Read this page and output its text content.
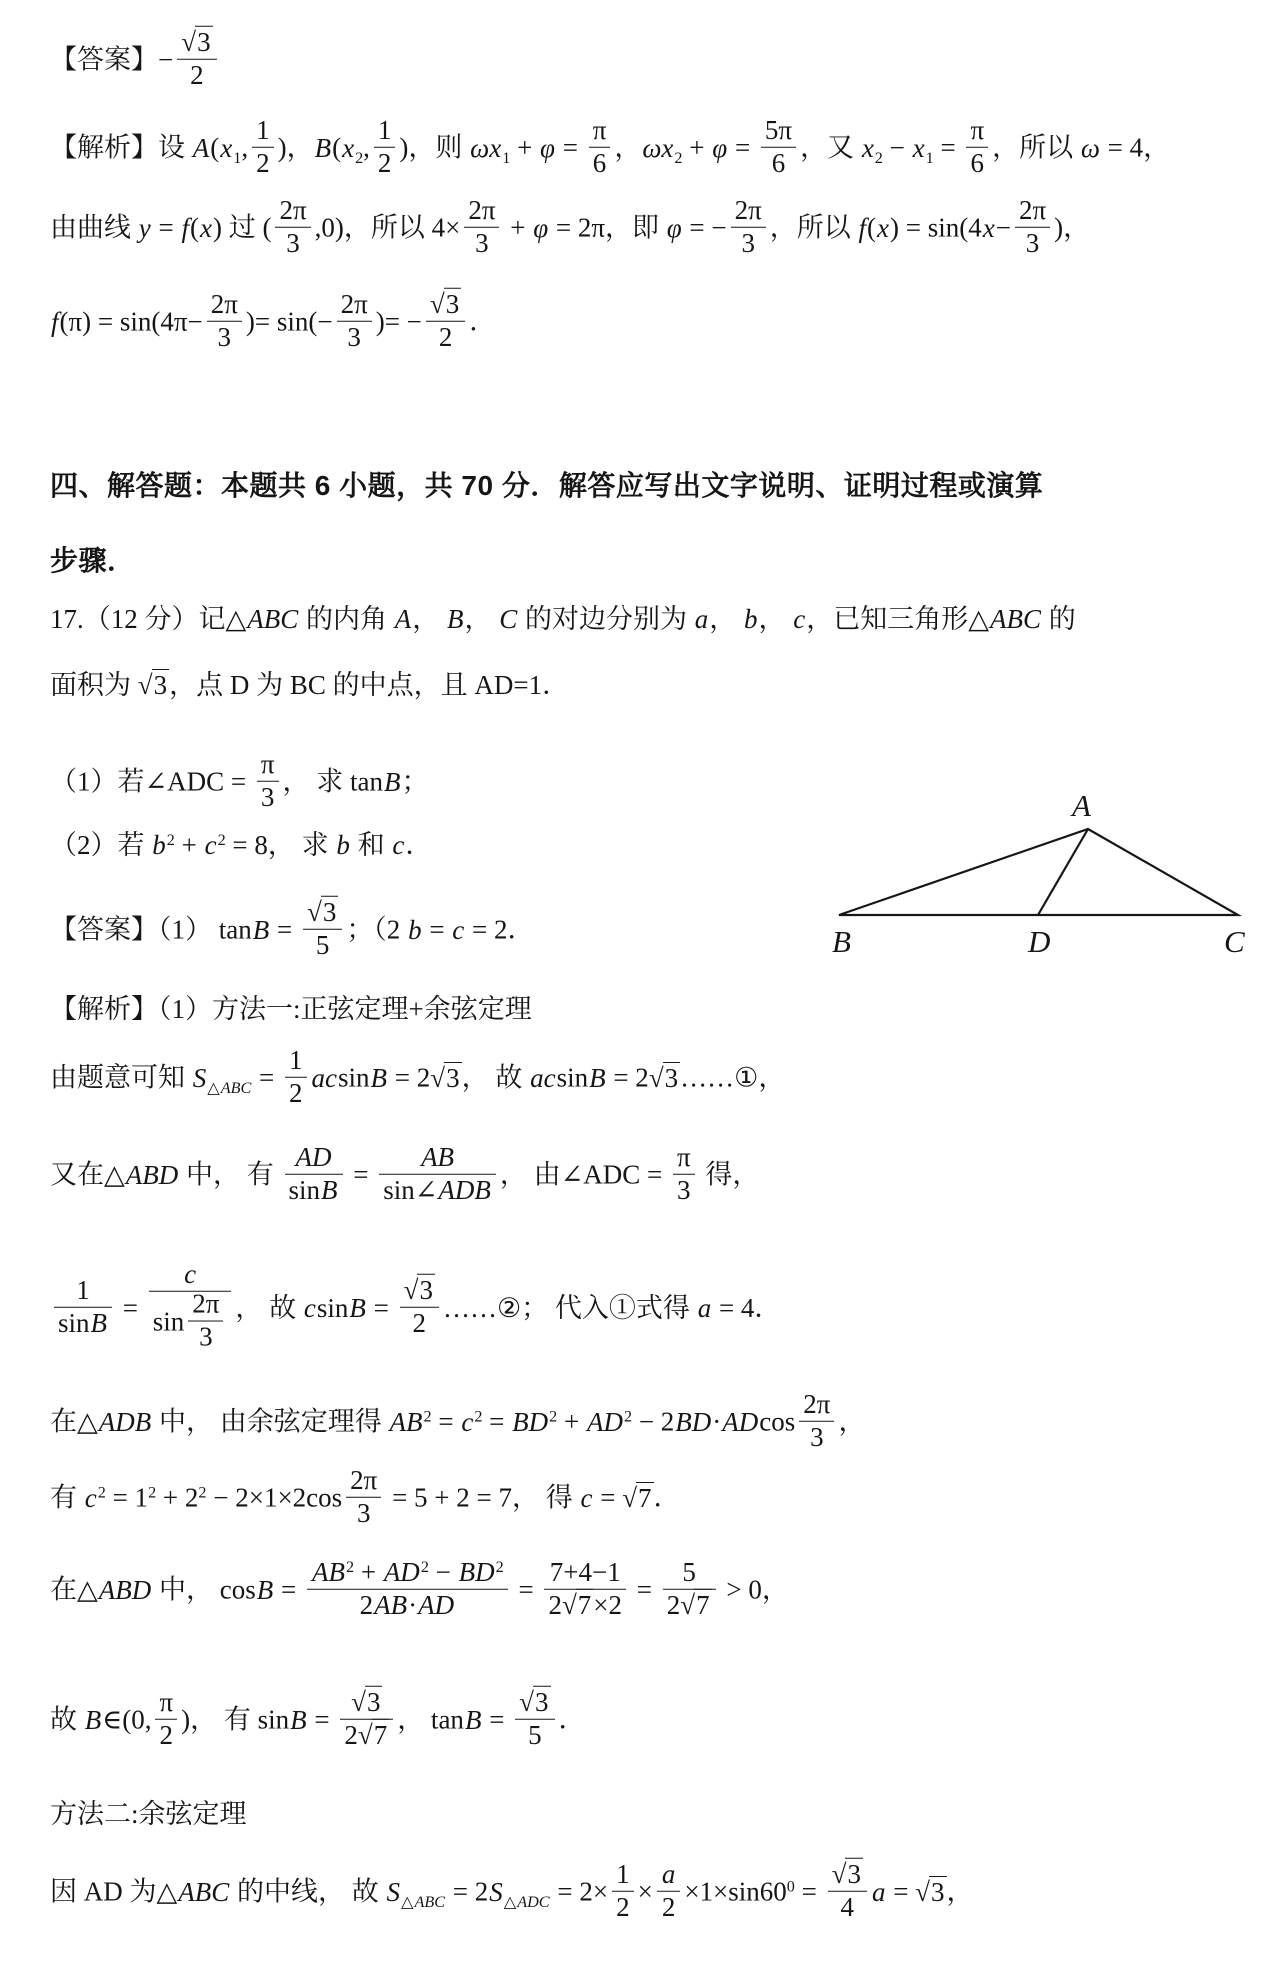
【答案】− $\frac{√3}{2}$
【解析】设 $A(x_1$, $\frac{1}{2}$ )，$B(x_2$, $\frac{1}{2}$ )，则 $\omega x_1 + \varphi = \frac{\pi}{6}$ ，$\omega x_2 + \varphi = \frac{5\pi}{6}$ ，又 $x_2 - x_1 = \frac{\pi}{6}$ ，所以 ω = 4，
由曲线 y = f(x) 过 ( $\frac{2\pi}{3} ,0$)，所以 $4\times \frac{2\pi}{3} + \varphi = 2\pi$，即 φ = − $\frac{2\pi}{3}$ ，所以 $f(x) = \sin(4x- \frac{2\pi}{3}$ )，
$f(\pi) = \sin(4\pi- \frac{2\pi}{3}$ )= $\sin(- \frac{2\pi}{3}$ )= − $\frac{√3}{2}$ ．
四、解答题：本题共 6 小题，共 70 分．解答应写出文字说明、证明过程或演算
步骤．
17.（12 分）记△ABC 的内角 A， B， C 的对边分别为 a， b， c，已知三角形△ABC 的
面积为 √3，点 D 为 BC 的中点，且 AD=1．
（1）若∠ADC = $\frac{\pi}{3}$ ， 求 tanB；
（2）若 $b^2 + c^2 = 8$， 求 b 和 c．
【答案】（1） $\tan B = \frac{√3}{5}$ ；（2 b = c = 2．
【解析】（1）方法一:正弦定理+余弦定理
由题意可知 $S_{\triangle ABC} = \frac{1}{2}$ acsinB = 2√3， 故 acsinB = 2√3……①，
又在△ABD 中， 有 $\frac{AD}{\sin B} = \frac{AB}{\text{sin∠ADB}}$ ， 由∠ADC = $\frac{\pi}{3}$ 得，
$\frac{1}{\sin B} = \frac{c}{\sin \frac{2\pi}{3}}$ ， 故 $csinB = \frac{√3}{2}$ ……②； 代入①式得 a = 4．
在△ADB 中， 由余弦定理得 $AB^2 = c^2 = BD^2 + AD^2 - 2BD\cdot ADcos \frac{2\pi}{3}$ ，
有 $c^2 = 1^2 + 2^2 - 2\times 1\times 2\cos \frac{2\pi}{3} = 5 + 2 = 7$， 得 c = √7．
在△ABD 中， $\cos B = \frac{AB^2 + AD^2 - BD^2}{2AB\cdot AD} = \frac{7+4-1}{2√7\times 2} = \frac{5}{2√7} > 0$，
故 B∈(0, $\frac{\pi}{2}$ )， 有 $\sin B = \frac{√3}{2√7}$ ， $\tan B = \frac{√3}{5}$ ．
方法二:余弦定理
因 AD 为△ABC 的中线， 故 $S_{\triangle ABC} = 2S_{\triangle ADC} = 2\times \frac{1}{2} \times \frac{a}{2} \times 1\times\sin 60^0 = \frac{√3}{4}$ a = √3，
A
B	D	C
